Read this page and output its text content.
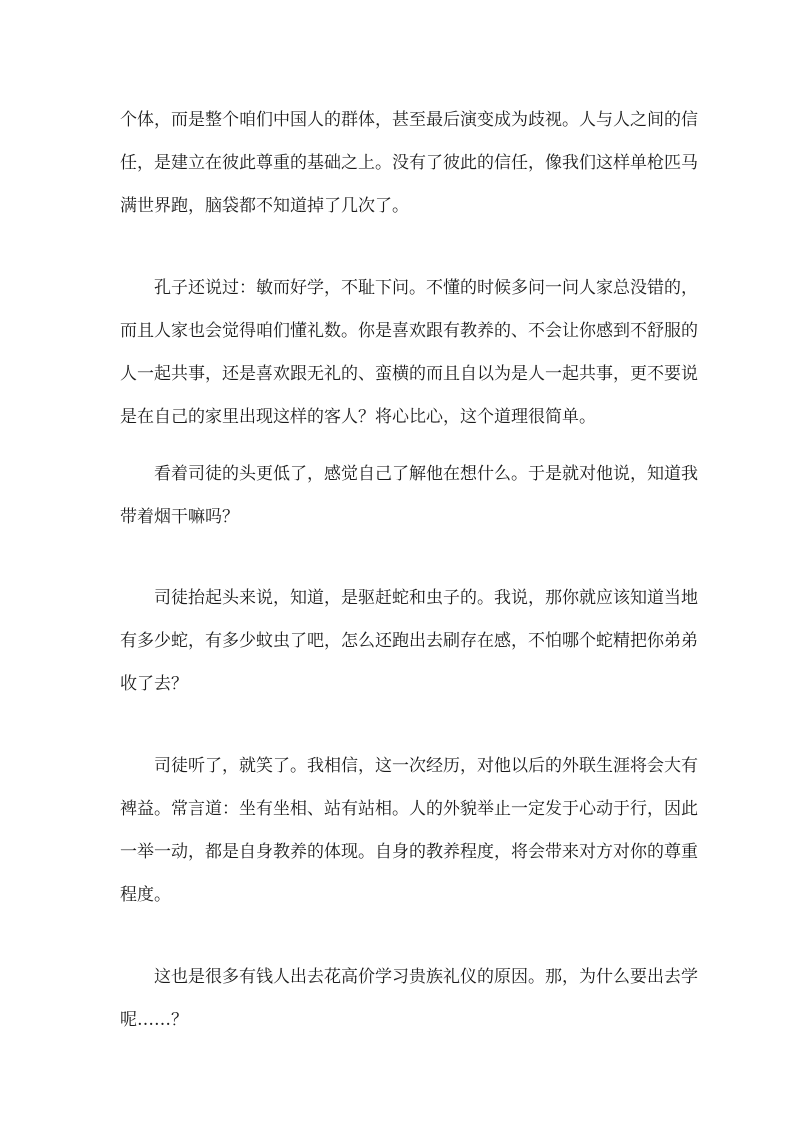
个体，而是整个咱们中国人的群体，甚至最后演变成为歧视。人与人之间的信

任，是建立在彼此尊重的基础之上。没有了彼此的信任，像我们这样单枪匹马

满世界跑，脑袋都不知道掉了几次了。

孔子还说过：敏而好学，不耻下问。不懂的时候多问一问人家总没错的，

而且人家也会觉得咱们懂礼数。你是喜欢跟有教养的、不会让你感到不舒服的

人一起共事，还是喜欢跟无礼的、蛮横的而且自以为是人一起共事，更不要说

是在自己的家里出现这样的客人？将心比心，这个道理很简单。

看着司徒的头更低了，感觉自己了解他在想什么。于是就对他说，知道我

带着烟干嘛吗？

司徒抬起头来说，知道，是驱赶蛇和虫子的。我说，那你就应该知道当地

有多少蛇，有多少蚊虫了吧，怎么还跑出去刷存在感，不怕哪个蛇精把你弟弟

收了去？

司徒听了，就笑了。我相信，这一次经历，对他以后的外联生涯将会大有

裨益。常言道：坐有坐相、站有站相。人的外貌举止一定发于心动于行，因此

一举一动，都是自身教养的体现。自身的教养程度，将会带来对方对你的尊重

程度。

这也是很多有钱人出去花高价学习贵族礼仪的原因。那，为什么要出去学

呢……？
